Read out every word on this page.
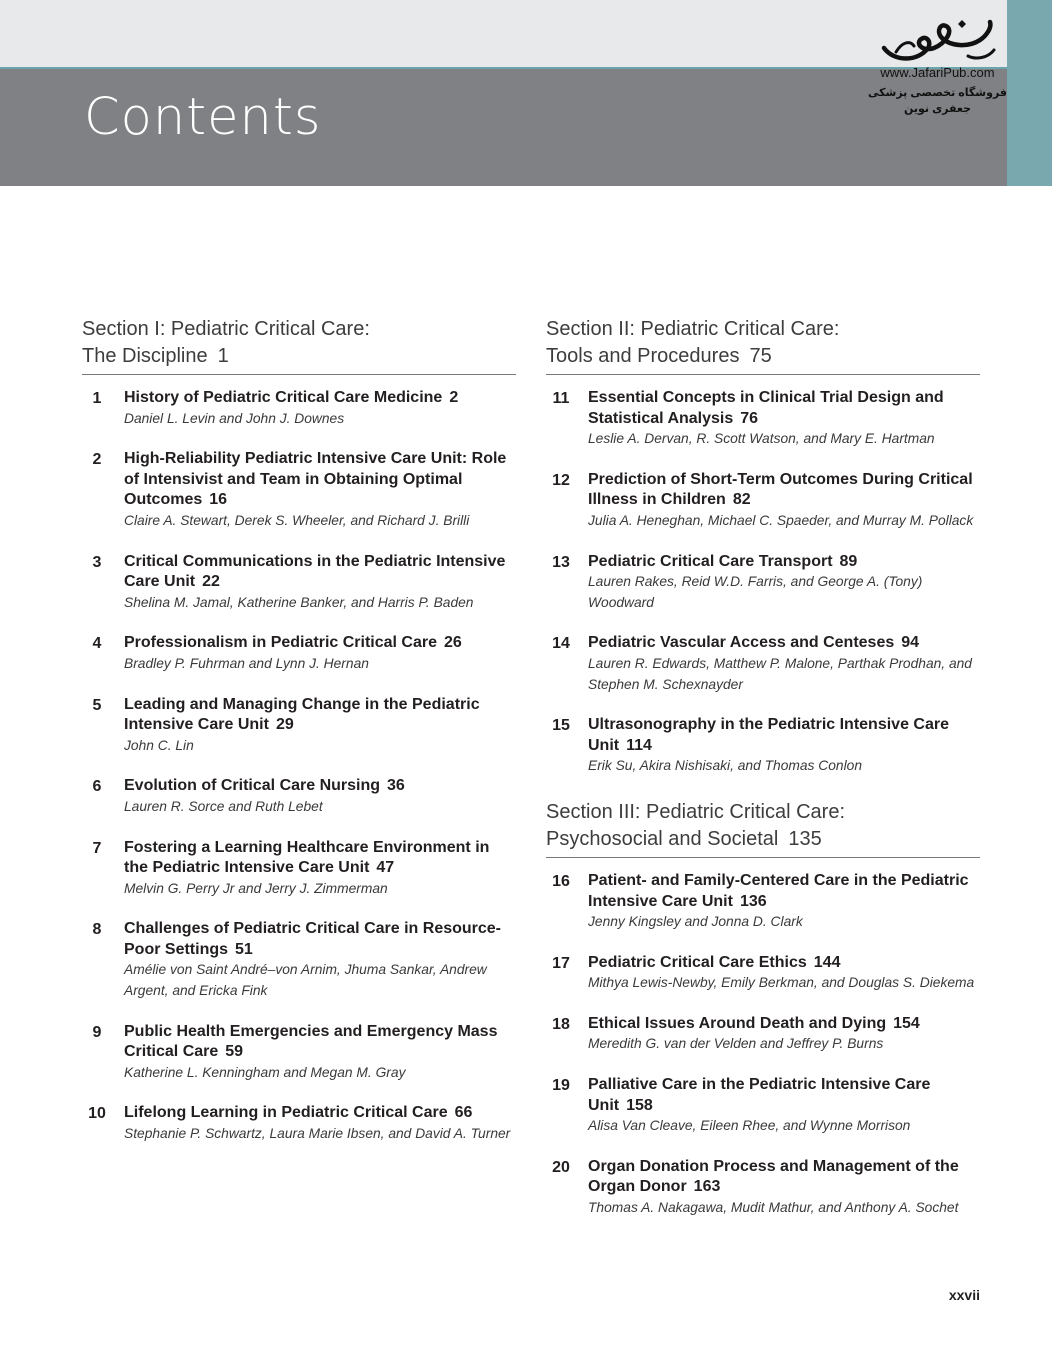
Contents
www.JafariPub.com
فروشگاه تخصصی پزشکی جعفری نوین
Section I: Pediatric Critical Care:
The Discipline 1
1	History of Pediatric Critical Care Medicine 2
Daniel L. Levin and John J. Downes
2	High-Reliability Pediatric Intensive Care Unit: Role of Intensivist and Team in Obtaining Optimal Outcomes 16
Claire A. Stewart, Derek S. Wheeler, and Richard J. Brilli
3	Critical Communications in the Pediatric Intensive Care Unit 22
Shelina M. Jamal, Katherine Banker, and Harris P. Baden
4	Professionalism in Pediatric Critical Care 26
Bradley P. Fuhrman and Lynn J. Hernan
5	Leading and Managing Change in the Pediatric Intensive Care Unit 29
John C. Lin
6	Evolution of Critical Care Nursing 36
Lauren R. Sorce and Ruth Lebet
7	Fostering a Learning Healthcare Environment in the Pediatric Intensive Care Unit 47
Melvin G. Perry Jr and Jerry J. Zimmerman
8	Challenges of Pediatric Critical Care in Resource-Poor Settings 51
Amélie von Saint André–von Arnim, Jhuma Sankar, Andrew Argent, and Ericka Fink
9	Public Health Emergencies and Emergency Mass Critical Care 59
Katherine L. Kenningham and Megan M. Gray
10	Lifelong Learning in Pediatric Critical Care 66
Stephanie P. Schwartz, Laura Marie Ibsen, and David A. Turner
Section II: Pediatric Critical Care:
Tools and Procedures 75
11	Essential Concepts in Clinical Trial Design and Statistical Analysis 76
Leslie A. Dervan, R. Scott Watson, and Mary E. Hartman
12	Prediction of Short-Term Outcomes During Critical Illness in Children 82
Julia A. Heneghan, Michael C. Spaeder, and Murray M. Pollack
13	Pediatric Critical Care Transport 89
Lauren Rakes, Reid W.D. Farris, and George A. (Tony) Woodward
14	Pediatric Vascular Access and Centeses 94
Lauren R. Edwards, Matthew P. Malone, Parthak Prodhan, and Stephen M. Schexnayder
15	Ultrasonography in the Pediatric Intensive Care Unit 114
Erik Su, Akira Nishisaki, and Thomas Conlon
Section III: Pediatric Critical Care:
Psychosocial and Societal 135
16	Patient- and Family-Centered Care in the Pediatric Intensive Care Unit 136
Jenny Kingsley and Jonna D. Clark
17	Pediatric Critical Care Ethics 144
Mithya Lewis-Newby, Emily Berkman, and Douglas S. Diekema
18	Ethical Issues Around Death and Dying 154
Meredith G. van der Velden and Jeffrey P. Burns
19	Palliative Care in the Pediatric Intensive Care Unit 158
Alisa Van Cleave, Eileen Rhee, and Wynne Morrison
20	Organ Donation Process and Management of the Organ Donor 163
Thomas A. Nakagawa, Mudit Mathur, and Anthony A. Sochet
xxvii
